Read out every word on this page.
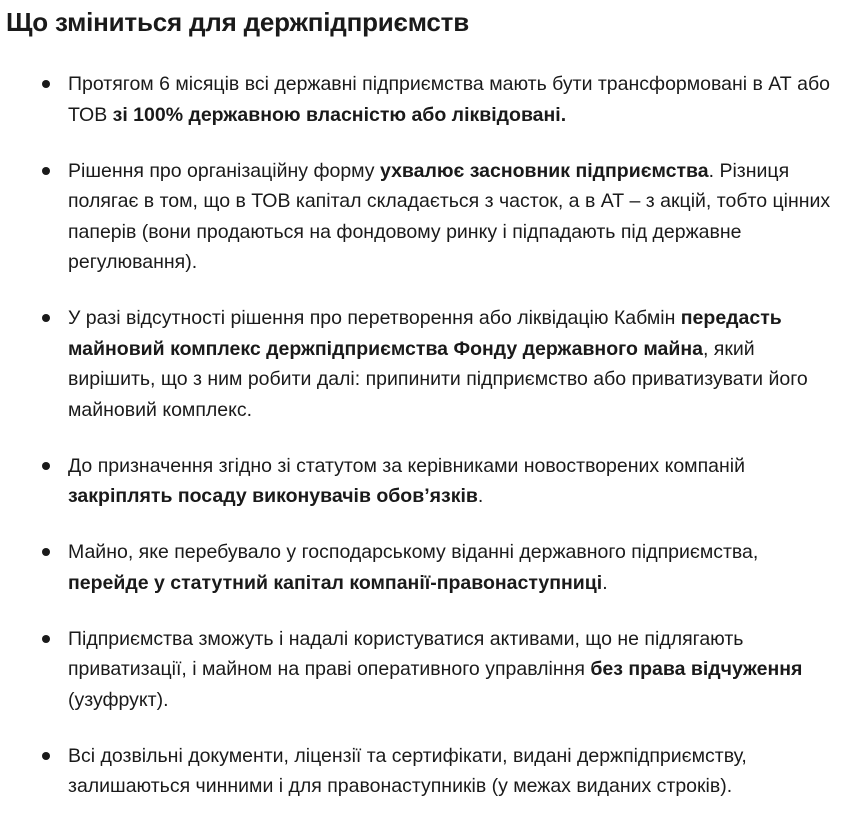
Що зміниться для держпідприємств
Протягом 6 місяців всі державні підприємства мають бути трансформовані в АТ або ТОВ зі 100% державною власністю або ліквідовані.
Рішення про організаційну форму ухвалює засновник підприємства. Різниця полягає в том, що в ТОВ капітал складається з часток, а в АТ – з акцій, тобто цінних паперів (вони продаються на фондовому ринку і підпадають під державне регулювання).
У разі відсутності рішення про перетворення або ліквідацію Кабмін передасть майновий комплекс держпідприємства Фонду державного майна, який вирішить, що з ним робити далі: припинити підприємство або приватизувати його майновий комплекс.
До призначення згідно зі статутом за керівниками новостворених компаній закріплять посаду виконувачів обов’язків.
Майно, яке перебувало у господарському віданні державного підприємства, перейде у статутний капітал компанії-правонаступниці.
Підприємства зможуть і надалі користуватися активами, що не підлягають приватизації, і майном на праві оперативного управління без права відчуження (узуфрукт).
Всі дозвільні документи, ліцензії та сертифікати, видані держпідприємству, залишаються чинними і для правонаступників (у межах виданих строків).
